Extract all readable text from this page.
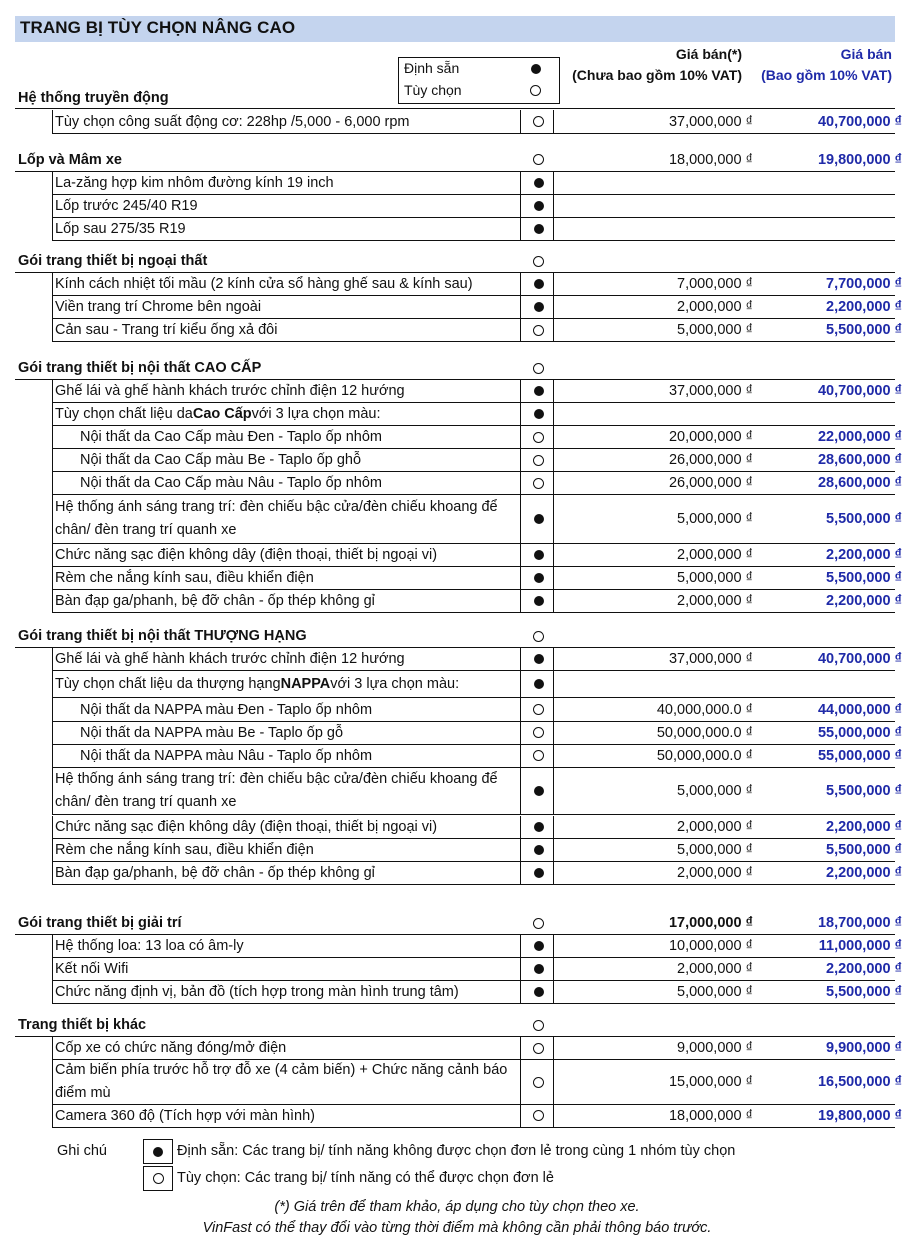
TRANG BỊ TÙY CHỌN NÂNG CAO
Định sẵn
Tùy chọn
Giá bán(*)
(Chưa bao gồm 10% VAT)
Giá bán
(Bao gồm 10% VAT)
Hệ thống truyền động
Tùy chọn công suất động cơ: 228hp /5,000 - 6,000 rpm	37,000,000 ₫	40,700,000 ₫
Lốp và Mâm xe	18,000,000 ₫	19,800,000 ₫
La-zăng hợp kim nhôm đường kính 19 inch
Lốp trước 245/40 R19
Lốp sau 275/35 R19
Gói trang thiết bị ngoại thất
Kính cách nhiệt tối mầu (2 kính cửa sổ hàng ghế sau & kính sau)	7,000,000 ₫	7,700,000 ₫
Viền trang trí Chrome bên ngoài	2,000,000 ₫	2,200,000 ₫
Cản sau - Trang trí kiểu ống xả đôi	5,000,000 ₫	5,500,000 ₫
Gói trang thiết bị nội thất CAO CẤP
Ghế lái và ghế hành khách trước chỉnh điện 12 hướng	37,000,000 ₫	40,700,000 ₫
Tùy chọn chất liệu da Cao Cấp với 3 lựa chọn màu:
Nội thất da Cao Cấp màu Đen - Taplo ốp nhôm	20,000,000 ₫	22,000,000 ₫
Nội thất da Cao Cấp màu Be - Taplo ốp ghỗ	26,000,000 ₫	28,600,000 ₫
Nội thất da Cao Cấp màu Nâu - Taplo ốp nhôm	26,000,000 ₫	28,600,000 ₫
Hệ thống ánh sáng trang trí: đèn chiếu bậc cửa/đèn chiếu khoang để chân/ đèn trang trí quanh xe
5,000,000 ₫	5,500,000 ₫
Chức năng sạc điện không dây (điện thoại, thiết bị ngoại vi)	2,000,000 ₫	2,200,000 ₫
Rèm che nắng kính sau, điều khiển điện	5,000,000 ₫	5,500,000 ₫
Bàn đạp ga/phanh, bệ đỡ chân - ốp thép không gỉ	2,000,000 ₫	2,200,000 ₫
Gói trang thiết bị nội thất THƯỢNG HẠNG
Ghế lái và ghế hành khách trước chỉnh điện 12 hướng	37,000,000 ₫	40,700,000 ₫
Tùy chọn chất liệu da thượng hạng NAPPA với 3 lựa chọn màu:
Nội thất da NAPPA màu Đen - Taplo ốp nhôm	40,000,000.0 ₫	44,000,000 ₫
Nội thất da NAPPA màu Be - Taplo ốp gỗ	50,000,000.0 ₫	55,000,000 ₫
Nội thất da NAPPA màu Nâu - Taplo ốp nhôm	50,000,000.0 ₫	55,000,000 ₫
Hệ thống ánh sáng trang trí: đèn chiếu bậc cửa/đèn chiếu khoang để chân/ đèn trang trí quanh xe
5,000,000 ₫	5,500,000 ₫
Chức năng sạc điện không dây (điện thoại, thiết bị ngoại vi)	2,000,000 ₫	2,200,000 ₫
Rèm che nắng kính sau, điều khiển điện	5,000,000 ₫	5,500,000 ₫
Bàn đạp ga/phanh, bệ đỡ chân - ốp thép không gỉ	2,000,000 ₫	2,200,000 ₫
Gói trang thiết bị giải trí	17,000,000 ₫	18,700,000 ₫
Hệ thống loa: 13 loa có âm-ly	10,000,000 ₫	11,000,000 ₫
Kết nối Wifi	2,000,000 ₫	2,200,000 ₫
Chức năng định vị, bản đồ (tích hợp trong màn hình trung tâm)	5,000,000 ₫	5,500,000 ₫
Trang thiết bị khác
Cốp xe có chức năng đóng/mở điện	9,000,000 ₫	9,900,000 ₫
Cảm biến phía trước hỗ trợ đỗ xe (4 cảm biến) + Chức năng cảnh báo điểm mù
15,000,000 ₫	16,500,000 ₫
Camera 360 độ (Tích hợp với màn hình)	18,000,000 ₫	19,800,000 ₫
Ghi chú	Định sẵn: Các trang bị/ tính năng không được chọn đơn lẻ trong cùng 1 nhóm tùy chọn
Tùy chọn: Các trang bị/ tính năng có thể được chọn đơn lẻ
(*) Giá trên để tham khảo, áp dụng cho tùy chọn theo xe.
VinFast có thể thay đổi vào từng thời điểm mà không cần phải thông báo trước.
